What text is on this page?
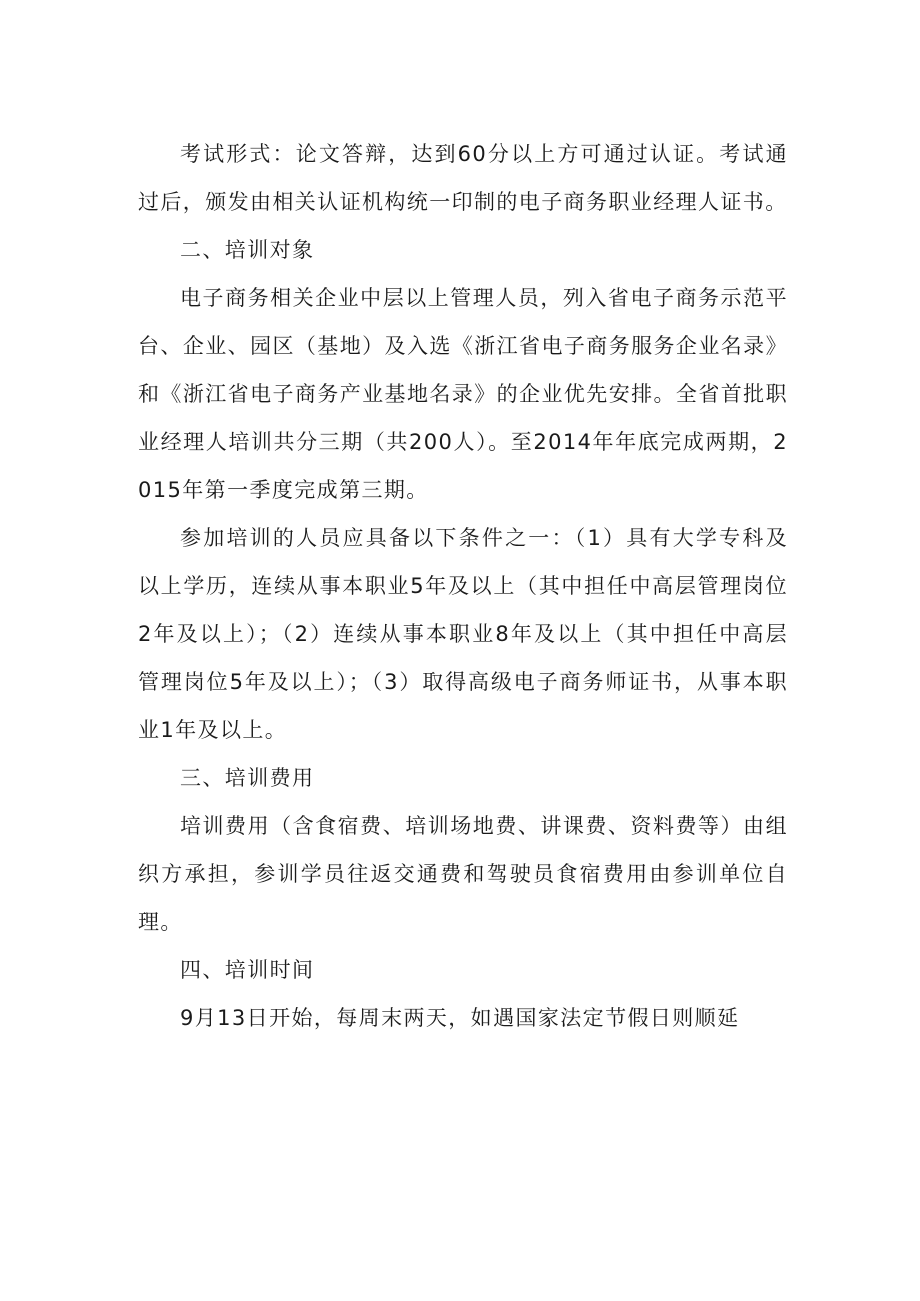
考试形式：论文答辩，达到60分以上方可通过认证。考试通过后，颁发由相关认证机构统一印制的电子商务职业经理人证书。

二、培训对象

电子商务相关企业中层以上管理人员，列入省电子商务示范平台、企业、园区（基地）及入选《浙江省电子商务服务企业名录》和《浙江省电子商务产业基地名录》的企业优先安排。全省首批职业经理人培训共分三期（共200人）。至2014年年底完成两期，2015年第一季度完成第三期。

参加培训的人员应具备以下条件之一：（1）具有大学专科及以上学历，连续从事本职业5年及以上（其中担任中高层管理岗位2年及以上）；（2）连续从事本职业8年及以上（其中担任中高层管理岗位5年及以上）；（3）取得高级电子商务师证书，从事本职业1年及以上。

三、培训费用

培训费用（含食宿费、培训场地费、讲课费、资料费等）由组织方承担，参训学员往返交通费和驾驶员食宿费用由参训单位自理。

四、培训时间

9月13日开始，每周末两天，如遇国家法定节假日则顺延
